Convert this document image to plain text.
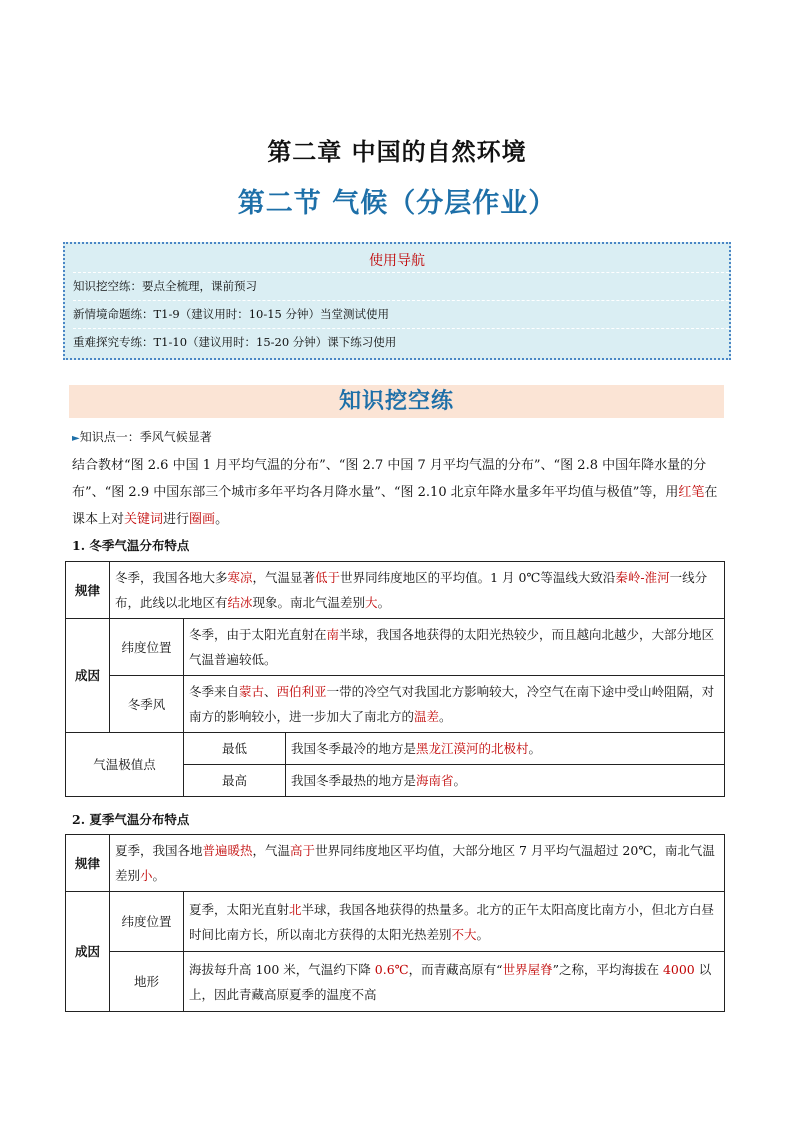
第二章 中国的自然环境
第二节 气候（分层作业）
使用导航
知识挖空练：要点全梳理，课前预习
新情境命题练：T1-9（建议用时：10-15 分钟）当堂测试使用
重难探究专练：T1-10（建议用时：15-20 分钟）课下练习使用
知识挖空练
►知识点一：季风气候显著
结合教材“图 2.6 中国 1 月平均气温的分布”、“图 2.7 中国 7 月平均气温的分布”、“图 2.8 中国年降水量的分布”、“图 2.9 中国东部三个城市多年平均各月降水量”、“图 2.10 北京年降水量多年平均值与极值”等，用红笔在课本上对关键词进行圈画。
1. 冬季气温分布特点
规律	冬季，我国各地大多寒凉，气温显著低于世界同纬度地区的平均值。1 月 0℃等温线大致沿秦岭-淮河一线分布，此线以北地区有结冰现象。南北气温差别大。		
成因	纬度位置	冬季，由于太阳光直射在南半球，我国各地获得的太阳光热较少，而且越向北越少，大部分地区气温普遍较低。	
	冬季风	冬季来自蒙古、西伯利亚一带的冷空气对我国北方影响较大，冷空气在南下途中受山岭阻隔，对南方的影响较小，进一步加大了南北方的温差。	
气温极值点		最低	我国冬季最冷的地方是黑龙江漠河的北极村。
		最高	我国冬季最热的地方是海南省。
2. 夏季气温分布特点
规律	夏季，我国各地普遍暖热，气温高于世界同纬度地区平均值，大部分地区 7 月平均气温超过 20℃，南北气温差别小。	
成因	纬度位置	夏季，太阳光直射北半球，我国各地获得的热量多。北方的正午太阳高度比南方小，但北方白昼时间比南方长，所以南北方获得的太阳光热差别不大。
	地形	海拔每升高 100 米，气温约下降 0.6℃，而青藏高原有“世界屋脊”之称，平均海拔在 4000 以上，因此青藏高原夏季的温度不高
